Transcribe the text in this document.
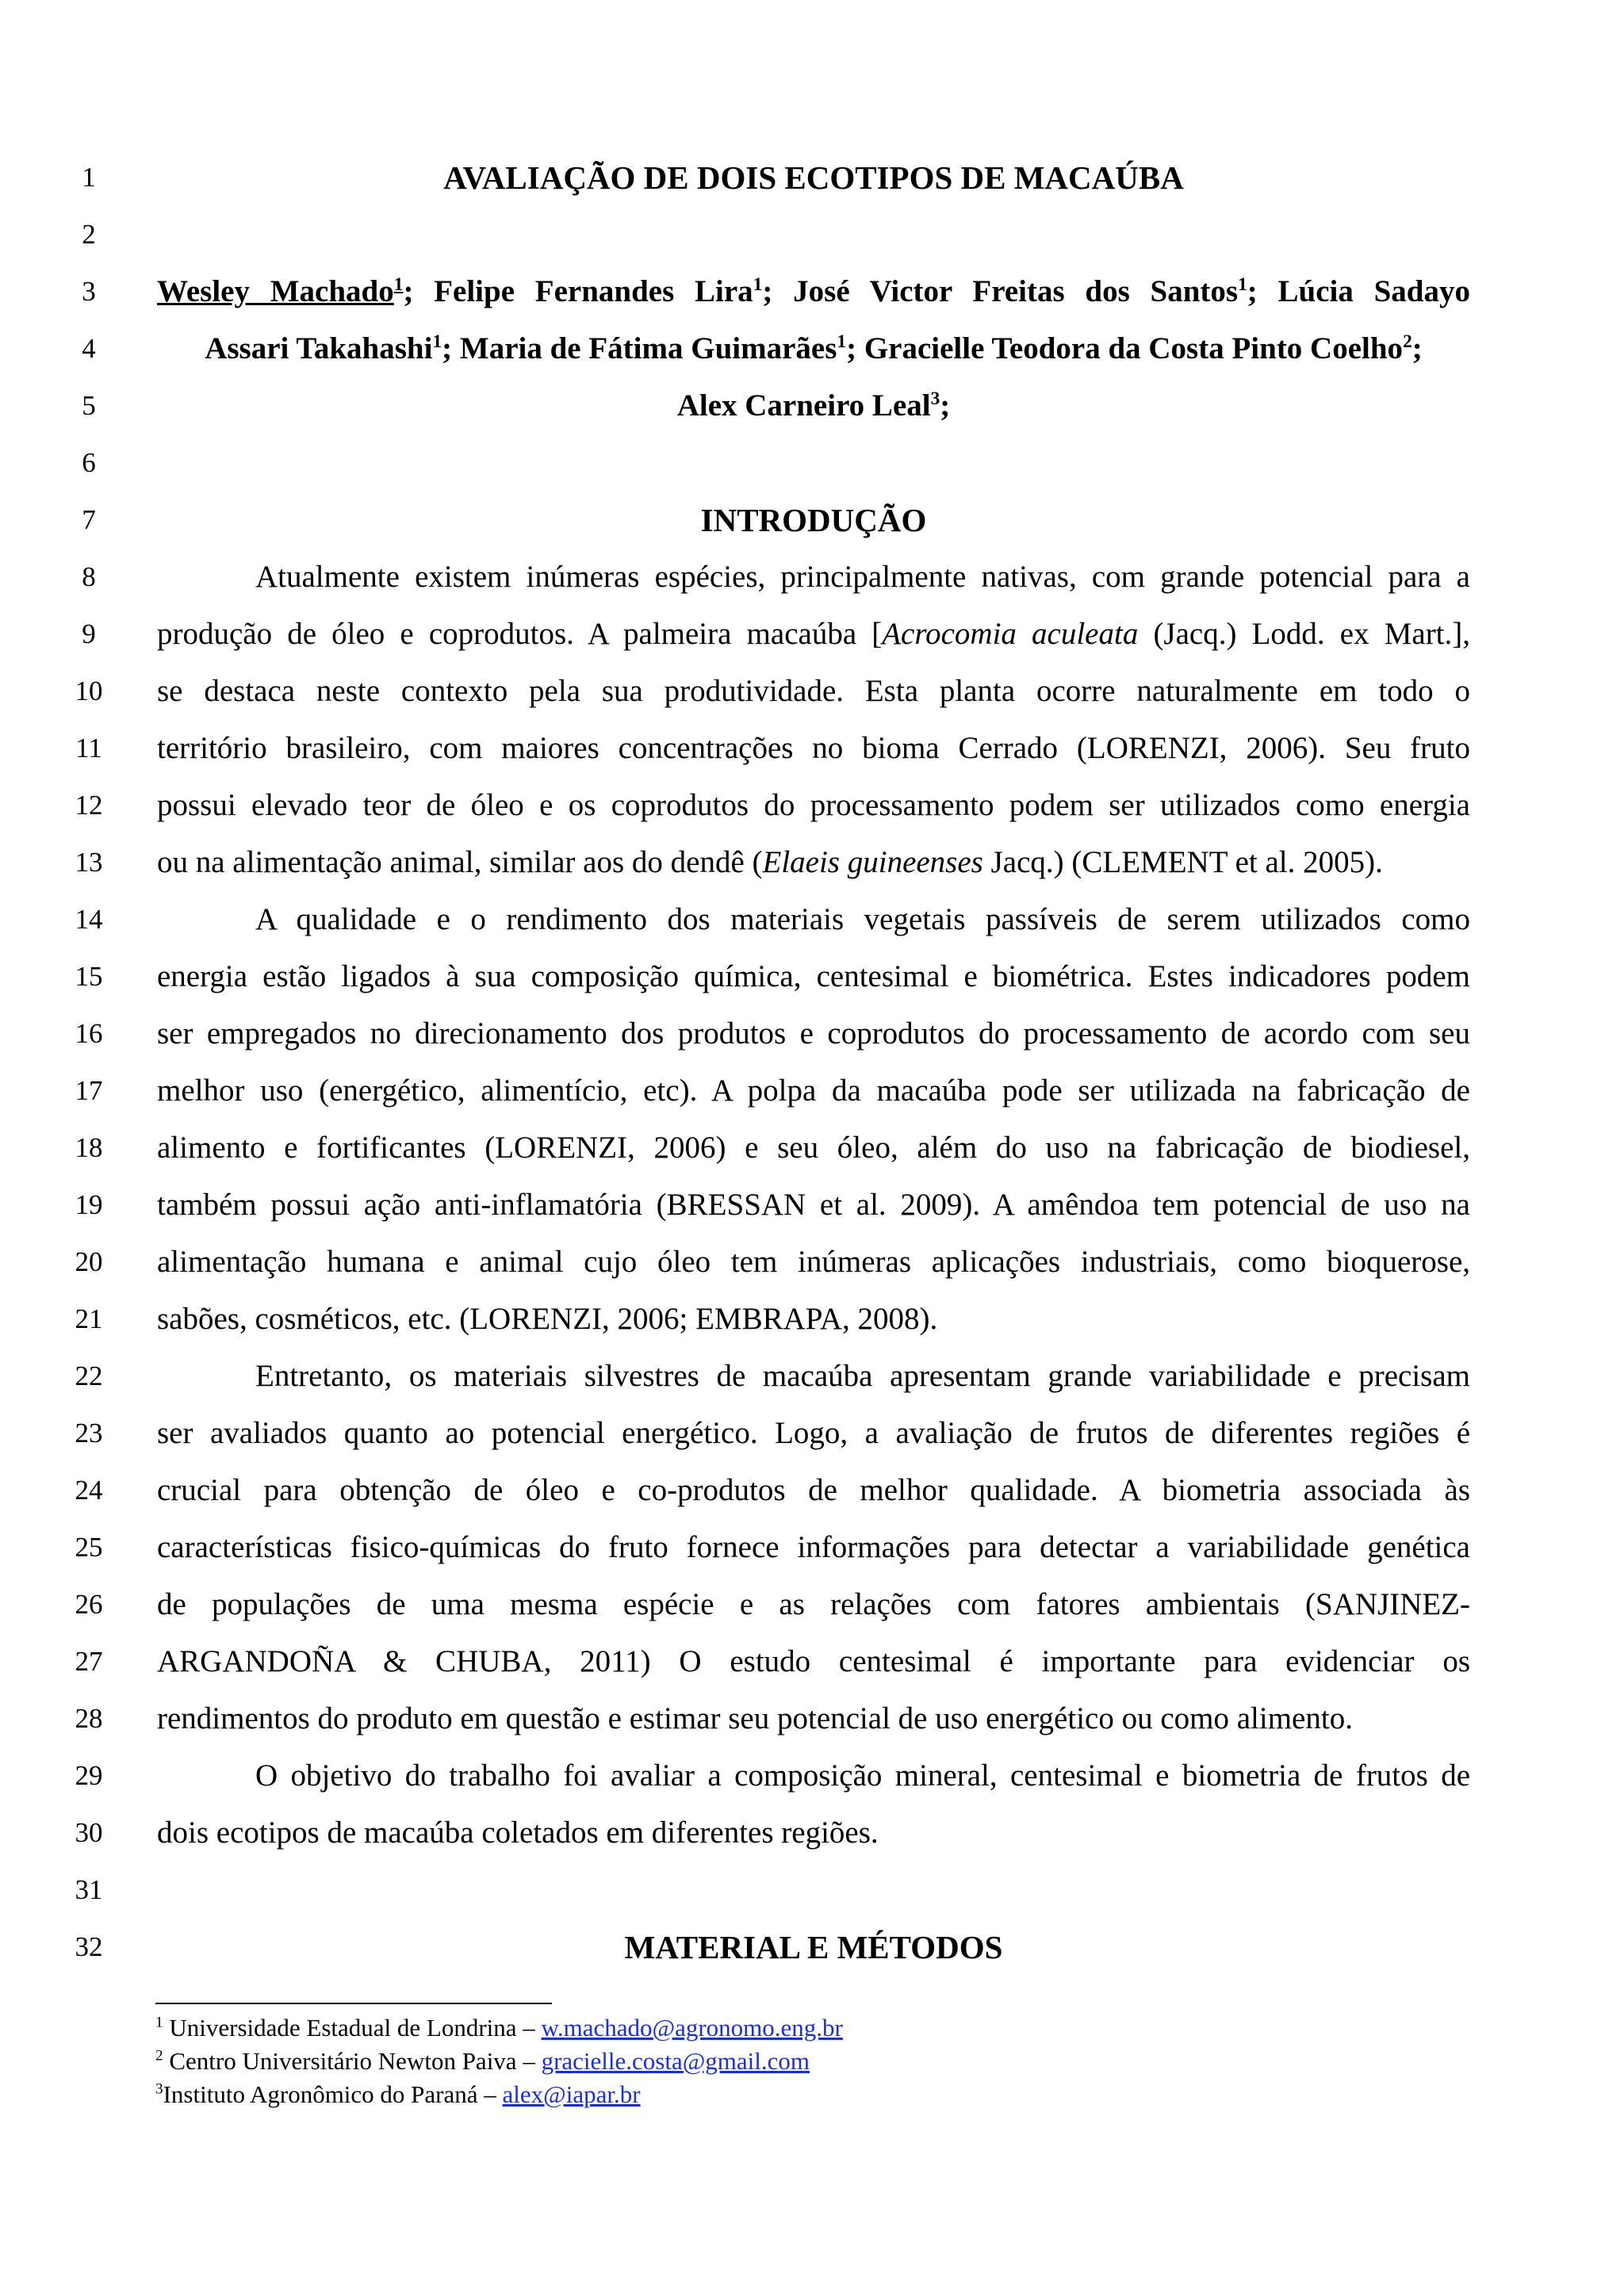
1
2
3
4
5
6
7
8
9
10
11
12
13
14
15
16
17
18
19
20
21
22
23
24
25
26
27
28
29
30
31
32
AVALIAÇÃO DE DOIS ECOTIPOS DE MACAÚBA
Wesley Machado$^1$; Felipe Fernandes Lira$^1$; José Victor Freitas dos Santos$^1$; Lúcia Sadayo
Assari Takahashi$^1$; Maria de Fátima Guimarães$^1$; Gracielle Teodora da Costa Pinto Coelho$^2$;
Alex Carneiro Leal$^3$;
INTRODUÇÃO
Atualmente existem inúmeras espécies, principalmente nativas, com grande potencial para a
produção de óleo e coprodutos. A palmeira macaúba [Acrocomia aculeata (Jacq.) Lodd. ex Mart.],
se destaca neste contexto pela sua produtividade. Esta planta ocorre naturalmente em todo o
território brasileiro, com maiores concentrações no bioma Cerrado (LORENZI, 2006). Seu fruto
possui elevado teor de óleo e os coprodutos do processamento podem ser utilizados como energia
ou na alimentação animal, similar aos do dendê (Elaeis guineenses Jacq.) (CLEMENT et al. 2005).
A qualidade e o rendimento dos materiais vegetais passíveis de serem utilizados como
energia estão ligados à sua composição química, centesimal e biométrica. Estes indicadores podem
ser empregados no direcionamento dos produtos e coprodutos do processamento de acordo com seu
melhor uso (energético, alimentício, etc). A polpa da macaúba pode ser utilizada na fabricação de
alimento e fortificantes (LORENZI, 2006) e seu óleo, além do uso na fabricação de biodiesel,
também possui ação anti-inflamatória (BRESSAN et al. 2009). A amêndoa tem potencial de uso na
alimentação humana e animal cujo óleo tem inúmeras aplicações industriais, como bioquerose,
sabões, cosméticos, etc. (LORENZI, 2006; EMBRAPA, 2008).
Entretanto, os materiais silvestres de macaúba apresentam grande variabilidade e precisam
ser avaliados quanto ao potencial energético. Logo, a avaliação de frutos de diferentes regiões é
crucial para obtenção de óleo e co-produtos de melhor qualidade. A biometria associada às
características fisico-químicas do fruto fornece informações para detectar a variabilidade genética
de populações de uma mesma espécie e as relações com fatores ambientais (SANJINEZ-
ARGANDOÑA & CHUBA, 2011) O estudo centesimal é importante para evidenciar os
rendimentos do produto em questão e estimar seu potencial de uso energético ou como alimento.
O objetivo do trabalho foi avaliar a composição mineral, centesimal e biometria de frutos de
dois ecotipos de macaúba coletados em diferentes regiões.
MATERIAL E MÉTODOS
$^1$ Universidade Estadual de Londrina – w.machado@agronomo.eng.br
$^2$ Centro Universitário Newton Paiva – gracielle.costa@gmail.com
$^3$Instituto Agronômico do Paraná – alex@iapar.br
